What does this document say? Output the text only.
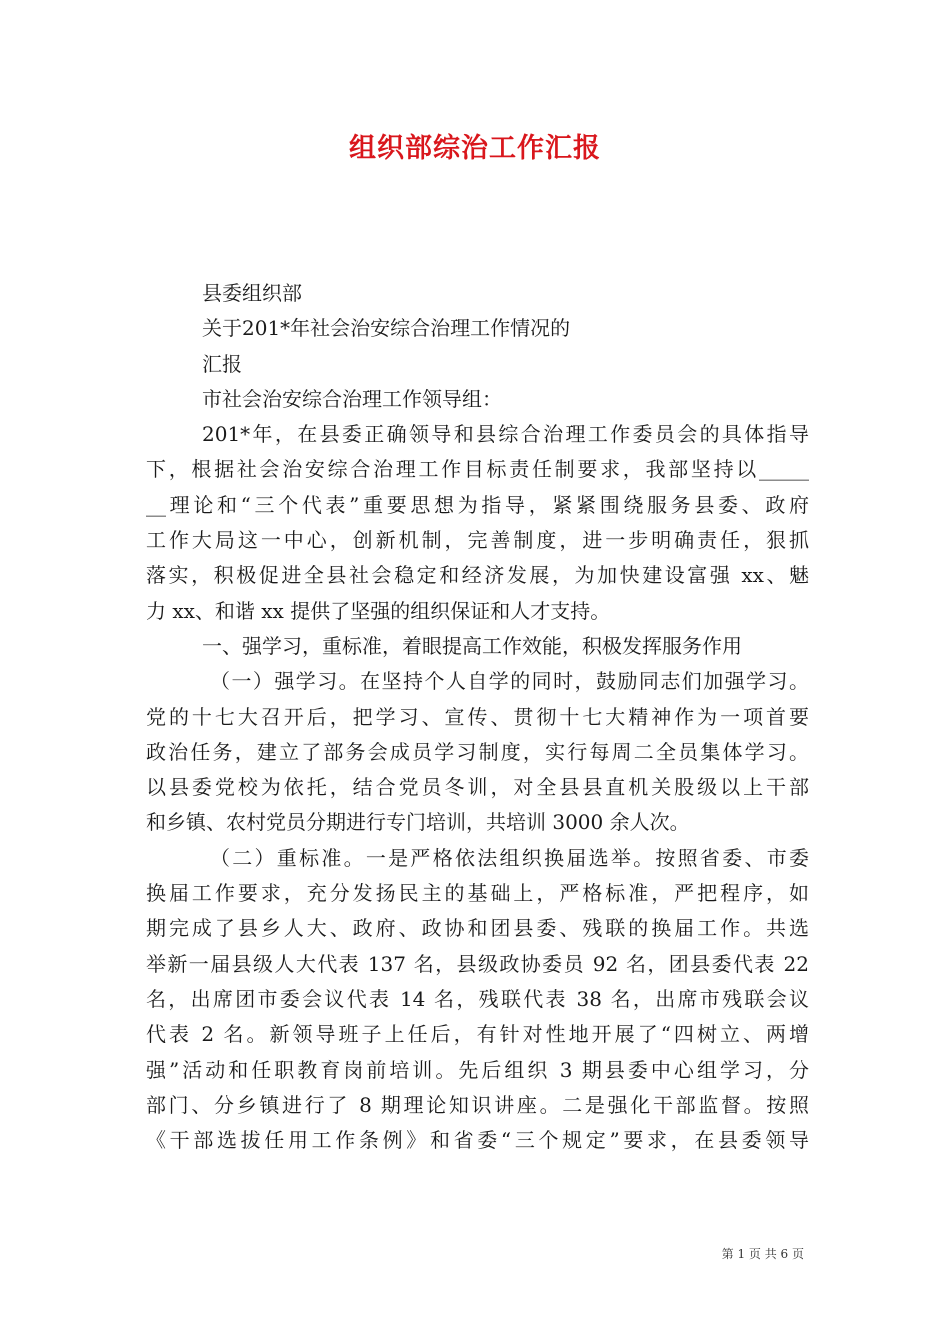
组织部综治工作汇报
县委组织部
关于201*年社会治安综合治理工作情况的
汇报
市社会治安综合治理工作领导组：
201*年，在县委正确领导和县综合治理工作委员会的具体指导
下，根据社会治安综合治理工作目标责任制要求，我部坚持以_____
__理论和“三个代表”重要思想为指导，紧紧围绕服务县委、政府
工作大局这一中心，创新机制，完善制度，进一步明确责任，狠抓
落实，积极促进全县社会稳定和经济发展，为加快建设富强 xx、魅
力 xx、和谐 xx 提供了坚强的组织保证和人才支持。
一、强学习，重标准，着眼提高工作效能，积极发挥服务作用
（一）强学习。在坚持个人自学的同时，鼓励同志们加强学习。
党的十七大召开后，把学习、宣传、贯彻十七大精神作为一项首要
政治任务，建立了部务会成员学习制度，实行每周二全员集体学习。
以县委党校为依托，结合党员冬训，对全县县直机关股级以上干部
和乡镇、农村党员分期进行专门培训，共培训 3000 余人次。
（二）重标准。一是严格依法组织换届选举。按照省委、市委
换届工作要求，充分发扬民主的基础上，严格标准，严把程序，如
期完成了县乡人大、政府、政协和团县委、残联的换届工作。共选
举新一届县级人大代表 137 名，县级政协委员 92 名，团县委代表 22
名，出席团市委会议代表 14 名，残联代表 38 名，出席市残联会议
代表 2 名。新领导班子上任后，有针对性地开展了“四树立、两增
强”活动和任职教育岗前培训。先后组织 3 期县委中心组学习，分
部门、分乡镇进行了 8 期理论知识讲座。二是强化干部监督。按照
《干部选拔任用工作条例》和省委“三个规定”要求，在县委领导
第 1 页 共 6 页
